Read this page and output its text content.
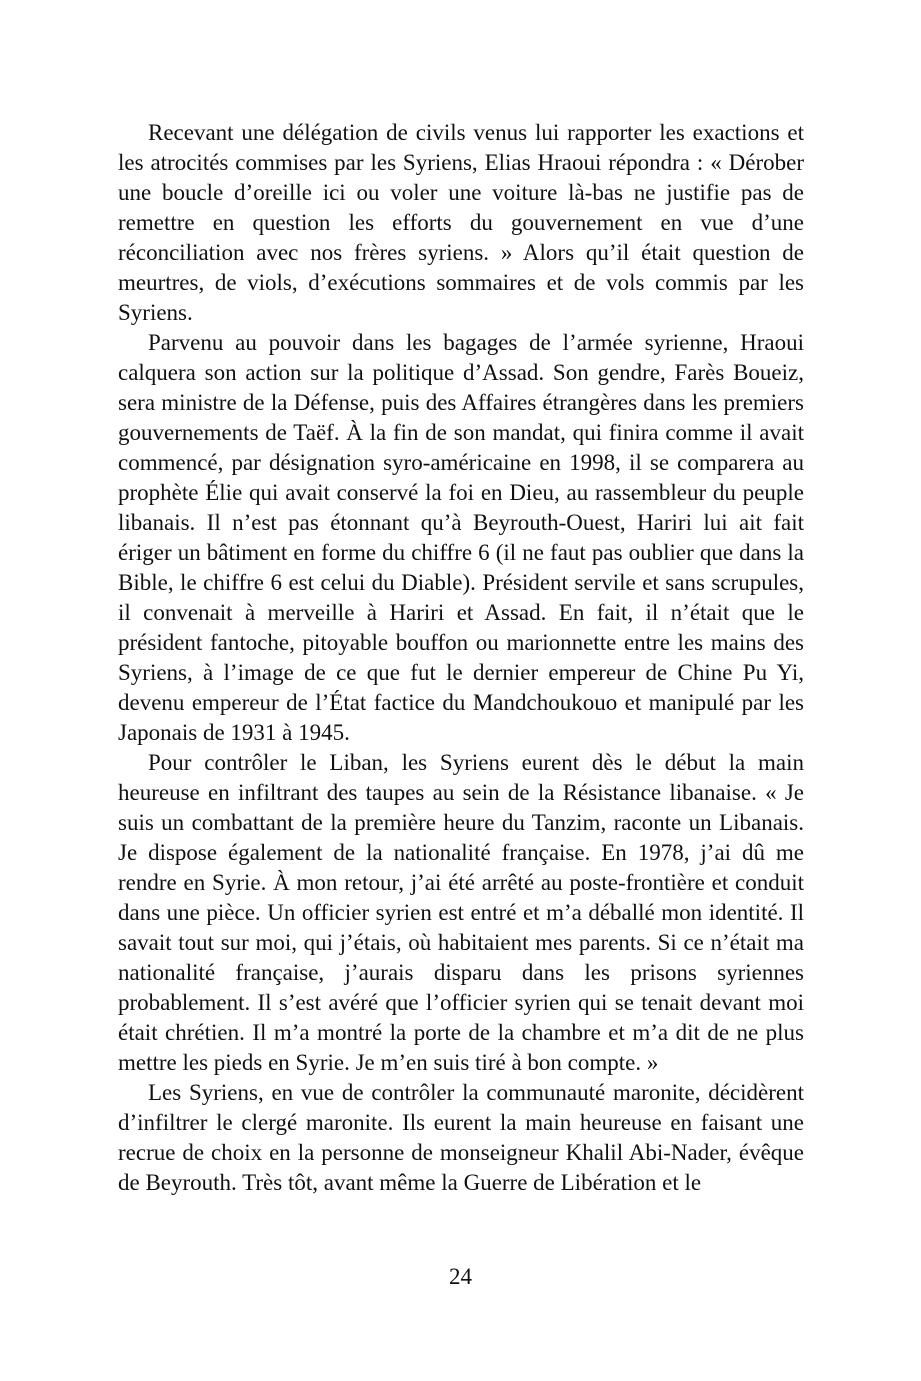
Recevant une délégation de civils venus lui rapporter les exactions et les atrocités commises par les Syriens, Elias Hraoui répondra : « Dérober une boucle d’oreille ici ou voler une voiture là-bas ne justifie pas de remettre en question les efforts du gouvernement en vue d’une réconciliation avec nos frères syriens. » Alors qu’il était question de meurtres, de viols, d’exécutions sommaires et de vols commis par les Syriens.

Parvenu au pouvoir dans les bagages de l’armée syrienne, Hraoui calquera son action sur la politique d’Assad. Son gendre, Farès Boueiz, sera ministre de la Défense, puis des Affaires étrangères dans les premiers gouvernements de Taëf. À la fin de son mandat, qui finira comme il avait commencé, par désignation syro-américaine en 1998, il se comparera au prophète Élie qui avait conservé la foi en Dieu, au rassembleur du peuple libanais. Il n’est pas étonnant qu’à Beyrouth-Ouest, Hariri lui ait fait ériger un bâtiment en forme du chiffre 6 (il ne faut pas oublier que dans la Bible, le chiffre 6 est celui du Diable). Président servile et sans scrupules, il convenait à merveille à Hariri et Assad. En fait, il n’était que le président fantoche, pitoyable bouffon ou marionnette entre les mains des Syriens, à l’image de ce que fut le dernier empereur de Chine Pu Yi, devenu empereur de l’État factice du Mandchoukouo et manipulé par les Japonais de 1931 à 1945.

Pour contrôler le Liban, les Syriens eurent dès le début la main heureuse en infiltrant des taupes au sein de la Résistance libanaise. « Je suis un combattant de la première heure du Tanzim, raconte un Libanais. Je dispose également de la nationalité française. En 1978, j’ai dû me rendre en Syrie. À mon retour, j’ai été arrêté au poste-frontière et conduit dans une pièce. Un officier syrien est entré et m’a déballé mon identité. Il savait tout sur moi, qui j’étais, où habitaient mes parents. Si ce n’était ma nationalité française, j’aurais disparu dans les prisons syriennes probablement. Il s’est avéré que l’officier syrien qui se tenait devant moi était chrétien. Il m’a montré la porte de la chambre et m’a dit de ne plus mettre les pieds en Syrie. Je m’en suis tiré à bon compte. »

Les Syriens, en vue de contrôler la communauté maronite, décidèrent d’infiltrer le clergé maronite. Ils eurent la main heureuse en faisant une recrue de choix en la personne de monseigneur Khalil Abi-Nader, évêque de Beyrouth. Très tôt, avant même la Guerre de Libération et le

24
